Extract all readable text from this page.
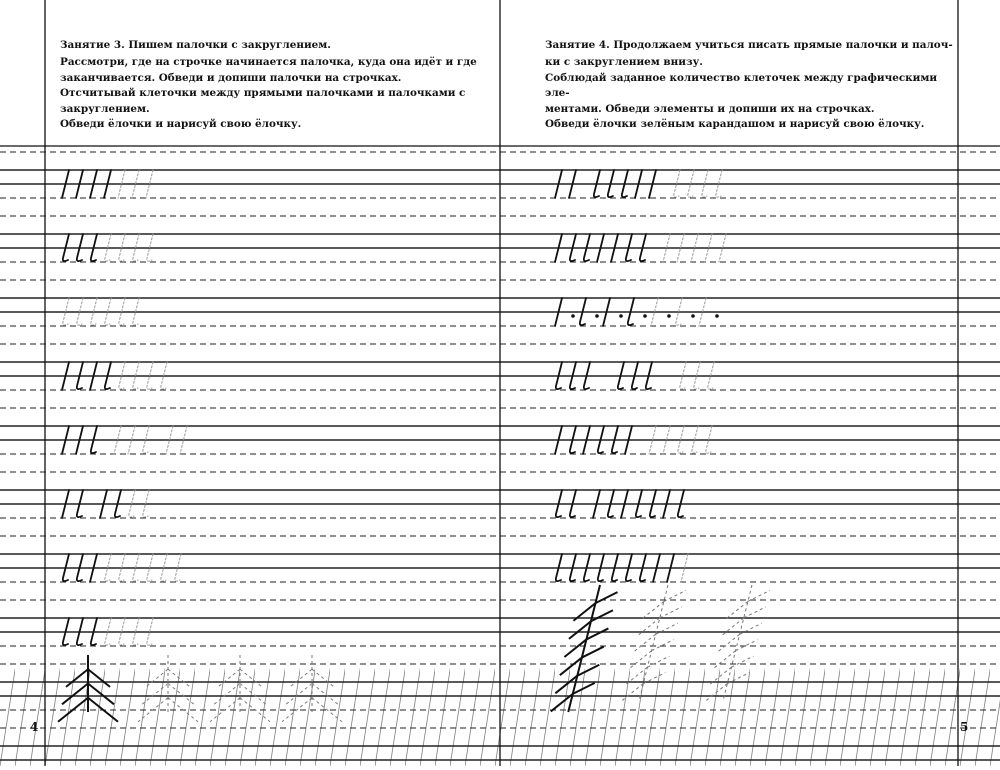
Занятие 3. Пишем палочки с закруглением.
Рассмотри, где на строчке начинается палочка, куда она идёт и где
заканчивается. Обведи и допиши палочки на строчках.
Отсчитывай клеточки между прямыми палочками и палочками с
закруглением.
Обведи ёлочки и нарисуй свою ёлочку.
Занятие 4. Продолжаем учиться писать прямые палочки и палоч-
ки с закруглением внизу.
Соблюдай заданное количество клеточек между графическими эле-
ментами. Обведи элементы и допиши их на строчках.
Обведи ёлочки зелёным карандашом и нарисуй свою ёлочку.
4	5
